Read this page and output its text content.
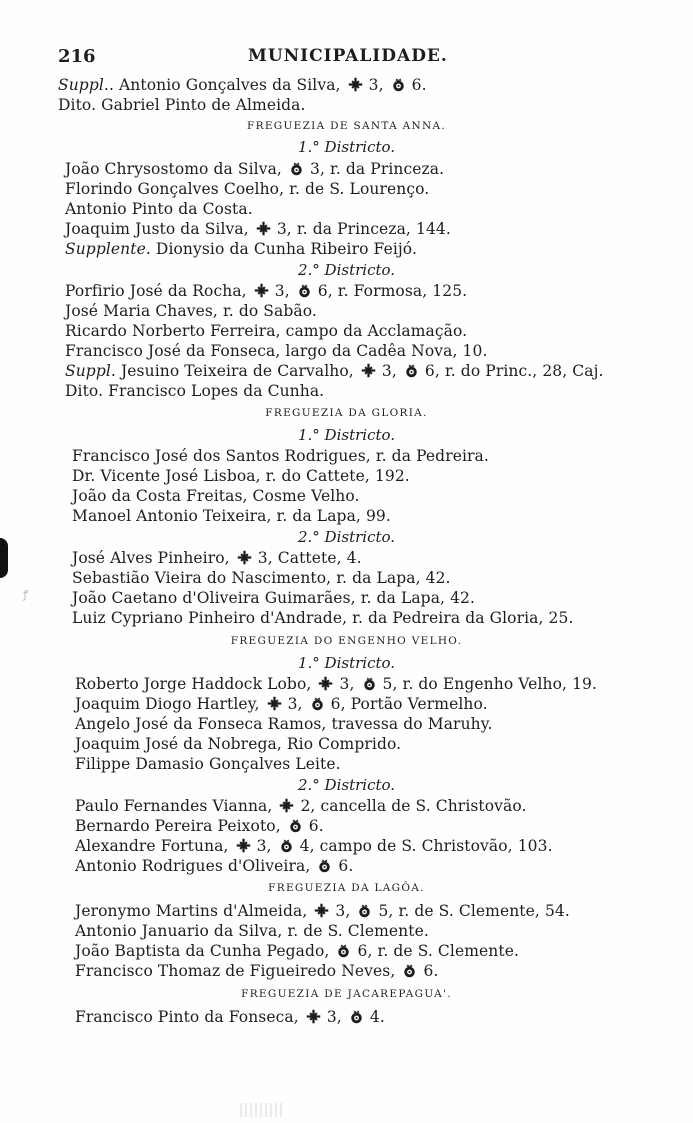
ꝭ
216	MUNICIPALIDADE.
Suppl.. Antonio Gonçalves da Silva,  3,  6.
Dito. Gabriel Pinto de Almeida.
FREGUEZIA DE SANTA ANNA.
1.° Districto.
João Chrysostomo da Silva,  3, r. da Princeza.
Florindo Gonçalves Coelho, r. de S. Lourenço.
Antonio Pinto da Costa.
Joaquim Justo da Silva,  3, r. da Princeza, 144.
Supplente. Dionysio da Cunha Ribeiro Feijó.
2.° Districto.
Porfirio José da Rocha,  3,  6, r. Formosa, 125.
José Maria Chaves, r. do Sabão.
Ricardo Norberto Ferreira, campo da Acclamação.
Francisco José da Fonseca, largo da Cadêa Nova, 10.
Suppl. Jesuino Teixeira de Carvalho,  3,  6, r. do Princ., 28, Caj.
Dito. Francisco Lopes da Cunha.
FREGUEZIA DA GLORIA.
1.° Districto.
Francisco José dos Santos Rodrigues, r. da Pedreira.
Dr. Vicente José Lisboa, r. do Cattete, 192.
João da Costa Freitas, Cosme Velho.
Manoel Antonio Teixeira, r. da Lapa, 99.
2.° Districto.
José Alves Pinheiro,  3, Cattete, 4.
Sebastião Vieira do Nascimento, r. da Lapa, 42.
João Caetano d'Oliveira Guimarães, r. da Lapa, 42.
Luiz Cypriano Pinheiro d'Andrade, r. da Pedreira da Gloria, 25.
FREGUEZIA DO ENGENHO VELHO.
1.° Districto.
Roberto Jorge Haddock Lobo,  3,  5, r. do Engenho Velho, 19.
Joaquim Diogo Hartley,  3,  6, Portão Vermelho.
Angelo José da Fonseca Ramos, travessa do Maruhy.
Joaquim José da Nobrega, Rio Comprido.
Filippe Damasio Gonçalves Leite.
2.° Districto.
Paulo Fernandes Vianna,  2, cancella de S. Christovão.
Bernardo Pereira Peixoto,  6.
Alexandre Fortuna,  3,  4, campo de S. Christovão, 103.
Antonio Rodrigues d'Oliveira,  6.
FREGUEZIA DA LAGÔA.
Jeronymo Martins d'Almeida,  3,  5, r. de S. Clemente, 54.
Antonio Januario da Silva, r. de S. Clemente.
João Baptista da Cunha Pegado,  6, r. de S. Clemente.
Francisco Thomaz de Figueiredo Neves,  6.
FREGUEZIA DE JACAREPAGUA'.
Francisco Pinto da Fonseca,  3,  4.
